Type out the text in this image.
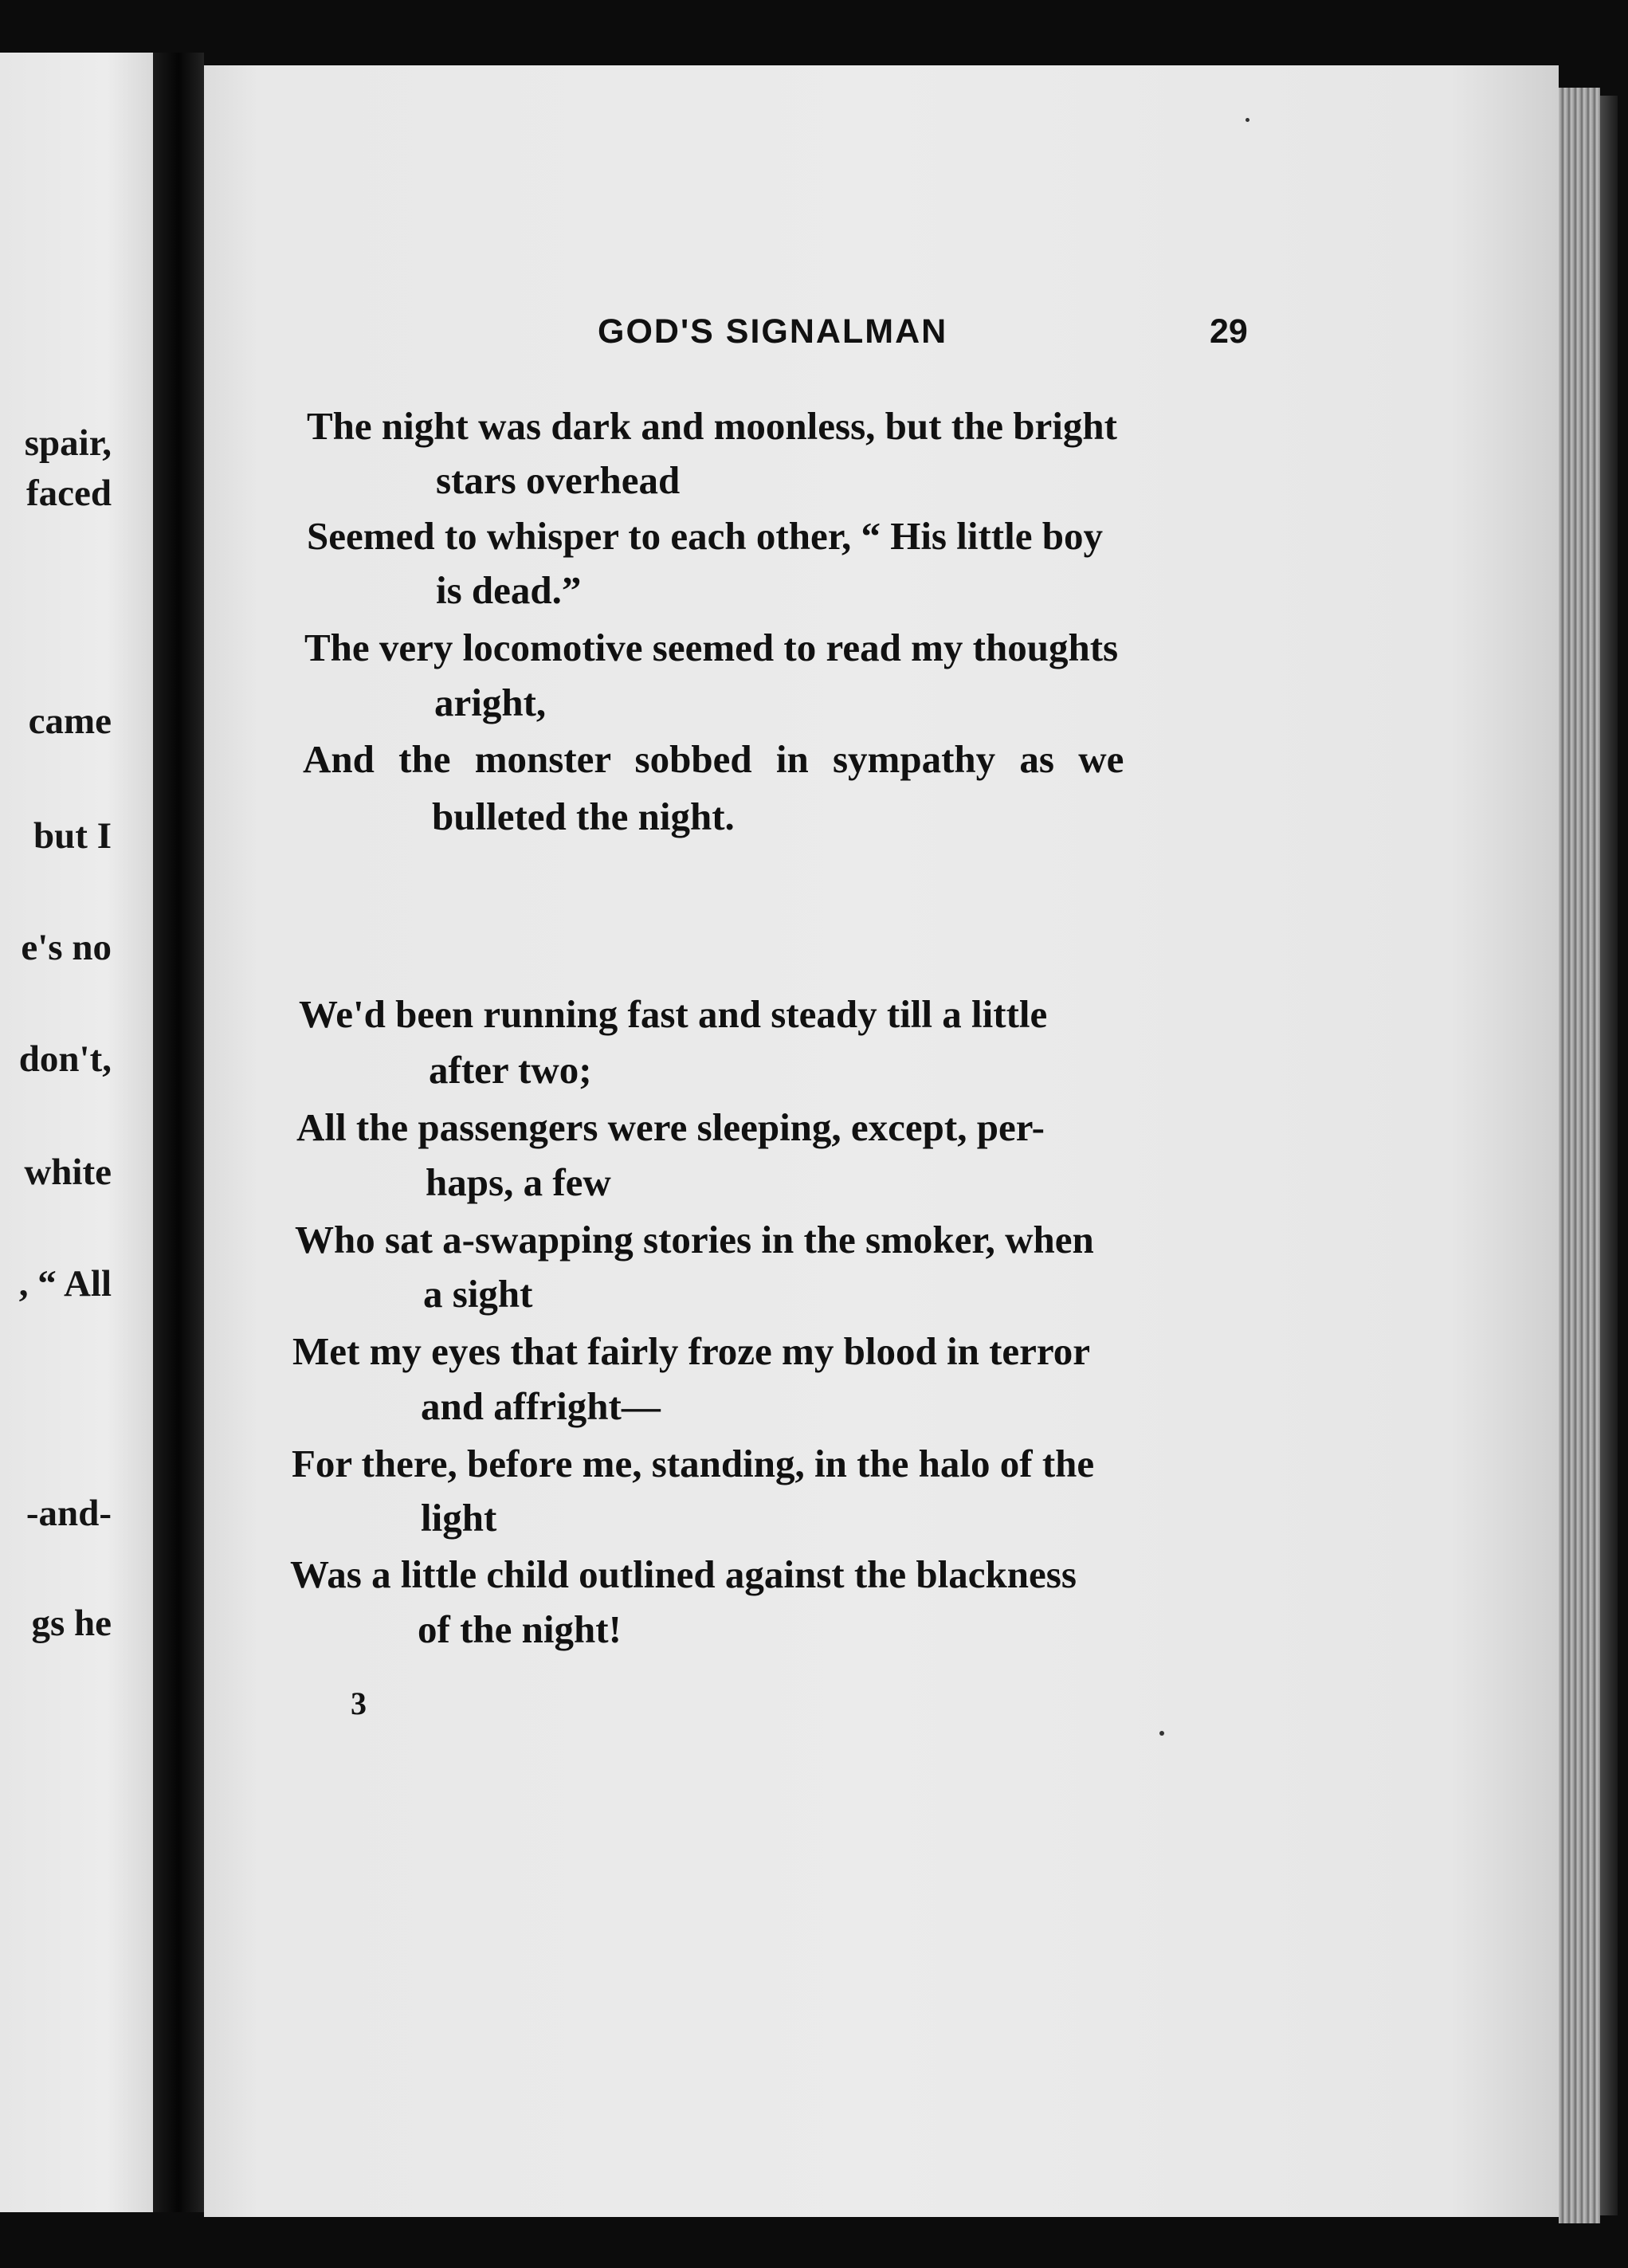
spair,
faced
came
but I
e's no
don't,
white
, “ All
-and-
gs he
GOD'S SIGNALMAN	29
The night was dark and moonless, but the bright
stars overhead
Seemed to whisper to each other, “ His little boy
is dead.”
The very locomotive seemed to read my thoughts
aright,
And the monster sobbed in sympathy as we
bulleted the night.
We'd been running fast and steady till a little
after two;
All the passengers were sleeping, except, per-
haps, a few
Who sat a-swapping stories in the smoker, when
a sight
Met my eyes that fairly froze my blood in terror
and affright—
For there, before me, standing, in the halo of the
light
Was a little child outlined against the blackness
of the night!
3
